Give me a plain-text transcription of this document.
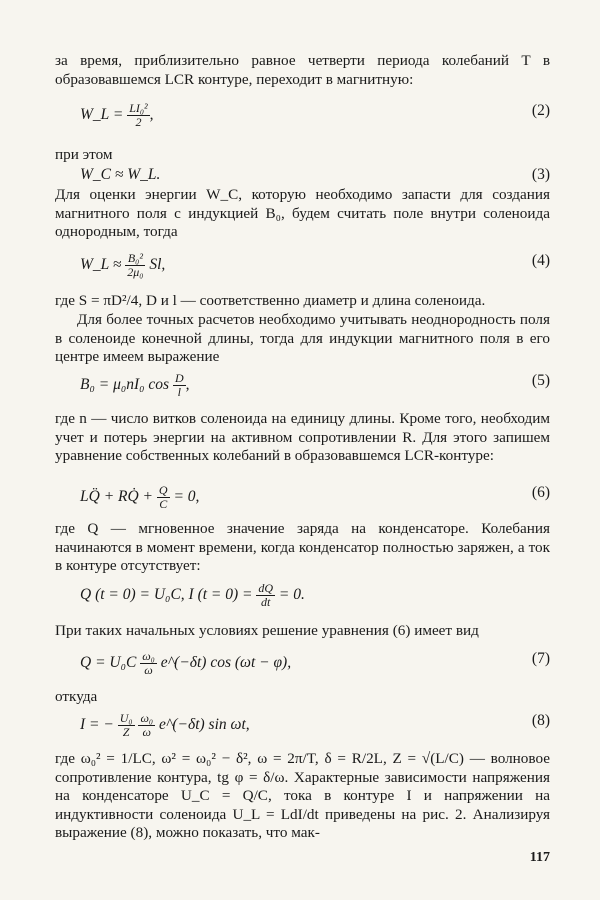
за время, приблизительно равное четверти периода колебаний T в образовавшемся LCR контуре, переходит в магнитную:

W_L = $\frac{\text{LI₀²}}{2}$ ,	(2)

при этом

W_C ≈ W_L.	(3)

Для оценки энергии W_C, которую необходимо запасти для создания магнитного поля с индукцией B₀, будем считать поле внутри соленоида однородным, тогда

W_L ≈ $\frac{\text{B₀²}}{\text{2μ₀}} Sl$,	(4)

где S = πD²/4, D и l — соответственно диаметр и длина соленоида.

Для более точных расчетов необходимо учитывать неоднородность поля в соленоиде конечной длины, тогда для индукции магнитного поля в его центре имеем выражение

B₀ = μ₀nI₀ $\cos \frac{D}{l}$ ,	(5)

где n — число витков соленоида на единицу длины. Кроме того, необходим учет и потерь энергии на активном сопротивлении R. Для этого запишем уравнение собственных колебаний в образовавшемся LCR-контуре:

LQ̈ + RQ̇ + $\frac{Q}{C} = 0$,	(6)

где Q — мгновенное значение заряда на конденсаторе. Колебания начинаются в момент времени, когда конденсатор полностью заряжен, а ток в контуре отсутствует:

Q (t = 0) = U₀C, I $(t = 0) = \frac{dQ}{dt} = 0$.

При таких начальных условиях решение уравнения (6) имеет вид

$Q = U_0C \frac{\text{ω₀}}{\omega}$ e^(−δt) cos (ωt − φ),	(7)

откуда

I = − $\frac{\text{U₀}}{Z}$
$\frac{\text{ω₀}}{\omega}$ e^(−δt) sin ωt,	(8)

где ω₀² = 1/LC, ω² = ω₀² − δ², ω = 2π/T, δ = R/2L, Z = √(L/C) — волновое сопротивление контура, tg φ = δ/ω. Характерные зависимости напряжения на конденсаторе U_C = Q/C, тока в контуре I и напряжении на индуктивности соленоида U_L = LdI/dt приведены на рис. 2. Анализируя выражение (8), можно показать, что мак-

117
